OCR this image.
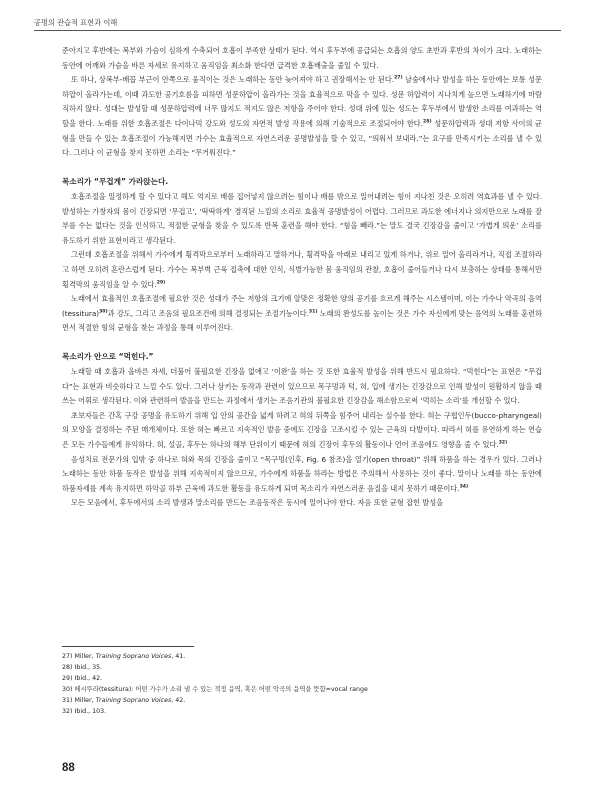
공명의 관습적 표현과 이해

준아지고 후반에는 복부와 가슴이 심하게 수축되어 호흡이 부족한 상태가 된다. 역시 후두부에 공급되는 호흡의 양도 초반과 후반의 차이가 크다. 노래하는 동안에 어깨와 가슴을 바른 자세로 유지하고 움직임을 최소화 한다면 급격한 호흡배출을 줄일 수 있다.

또 하나, 상복부-배꼽 부근이 안쪽으로 움직이는 것은 노래하는 동안 늦어져야 하고 권장해서는 안 된다.$^{27)}$ 날숨에서나 발성을 하는 동안에는 보통 성문하압이 올라가는데, 이때 과도한 공기호름을 피하면 성문하압이 올라가는 것을 효율적으로 막을 수 있다. 성문 하압력이 지나치게 높으면 노래하기에 마람직하지 않다. 성대는 발성할 때 성문하압력에 너무 많지도 적지도 않은 저항을 주어야 한다. 성대 위에 있는 성도는 후두부에서 발생한 소리를 여과하는 역할을 한다. 노래를 위한 호흡조절은 다이나믹 강도와 성도의 자연적 발성 작용에 의해 기술적으로 조절되어야 한다.$^{28)}$ 성문하압력과 성대 저항 사이의 균형을 만들 수 있는 호흡조절이 가능해지면 가수는 효율적으로 자연스러운 공명발성을 할 수 있고, “띄워서 보내라.”는 요구를 만족시키는 소리를 낼 수 있다. 그러나 이 균형을 찾지 못하면 소리는 “무거워진다.”

목소리가 “무겁게” 가라앉는다.

호흡조절을 일정하게 할 수 있다고 해도 억지로 배를 집어넣지 않으려는 힘이나 배를 밖으로 밀어내려는 힘이 지나친 것은 오히려 역효과를 낼 수 있다. 발성하는 가창자의 몸이 긴장되면 ‘무겁고’, ‘딱딱하게’ 경직된 느낌의 소리로 효율적 공명발성이 어렵다. 그러므로 과도한 에너지나 의지만으로 노래를 잘 부를 수는 없다는 것을 인식하고, 적절한 균형을 찾을 수 있도록 반복 훈련을 해야 한다. “힘을 빼라.”는 말도 결국 긴장감을 줄이고 ‘가볍게 띄운’ 소리를 유도하기 위한 표현이라고 생각된다.

그런데 호흡조절을 위해서 가수에게 횡격막으로부터 노래하라고 말하거나, 횡격막을 아래로 내리고 있게 하거나, 위로 밀어 올리라거나, 직접 조절하라고 하면 오히려 혼란스럽게 된다. 가수는 복부벽 근육 접촉에 대한 인식, 식별가능한 몸 움직임의 관찰, 호흡이 줄어들거나 다시 보충하는 상태를 통해서만 횡격막의 움직임을 알 수 있다.$^{29)}$

노래에서 효율적인 호흡조절에 필요한 것은 성대가 주는 저항의 크기에 알맞은 정확한 양의 공기를 흐르게 해주는 시스템이며, 이는 가수나 악곡의 음역(tessitura)$^{30)}$과 강도, 그리고 조음의 필요조건에 의해 결정되는 조절기능이다.$^{31)}$ 노래의 완성도를 높이는 것은 가수 자신에게 맞는 음역의 노래를 훈련하면서 적절한 힘의 균형을 찾는 과정을 통해 이루어진다.

목소리가 안으로 “먹힌다.”

노래할 때 호흡과 올바른 자세, 더불어 불필요한 긴장을 없애고 ‘이완’을 하는 것 또한 효율적 발성을 위해 반드시 필요하다. “먹힌다”는 표현은 “무겁다”는 표현과 비슷하다고 느낄 수도 있다. 그러나 삼키는 동작과 관련이 있으므로 목구멍과 턱, 혀, 입에 생기는 긴장감으로 인해 발성이 원활하지 않을 때 쓰는 어휘로 생각된다. 이와 관련하여 발음을 만드는 과정에서 생기는 조음기관의 불필요한 긴장감을 해소함으로써 ‘먹히는 소리’를 개선할 수 있다.

초보자들은 간혹 구강 공명을 유도하기 위해 입 안의 공간을 넓게 하려고 혀의 뒤쪽을 힘주어 내리는 실수를 한다. 혀는 구협인두(bucco-pharyngeal)의 모양을 결정하는 주된 매개체이다. 또한 혀는 빠르고 지속적인 발음 중에도 긴장을 고조시킬 수 있는 근육의 다발이다. 따라서 혀를 유연하게 하는 연습은 모든 가수들에게 유익하다. 혀, 설골, 후두는 하나의 해부 단위이기 때문에 혀의 긴장이 후두의 활동이나 언어 조음에도 영향을 줄 수 있다.$^{32)}$

음성치료 전문가의 입밖 중 하나로 혀와 목의 긴장을 줄이고 “목구멍(인후, Fig. 6 참조)을 열기(open throat)” 위해 하품을 하는 경우가 있다. 그러나 노래하는 동안 하품 동작은 발성을 위해 지속적이지 않으므로, 가수에게 하품을 하라는 방법은 주의해서 사용하는 것이 좋다. 말이나 노래를 하는 동안에 하품자세를 계속 유지하면 하악골 하부 근육에 과도한 활동을 유도하게 되며 목소리가 자연스러운 음질을 내지 못하기 때문이다.$^{34)}$

모든 모음에서, 후두에서의 소리 발생과 말소리를 만드는 조음동작은 동시에 일어나야 한다. 자음 또한 균형 잡힌 발성을

27) Miller, Training Soprano Voices, 41.
28) Ibid., 35.
29) Ibid., 42.
30) 떼시뚜라(tessitura): 어떤 가수가 소리 낼 수 있는 적정 음역, 혹은 어떤 악곡의 음역을 뜻함=vocal range
31) Miller, Training Soprano Voices, 42.
32) Ibid., 103.
88
